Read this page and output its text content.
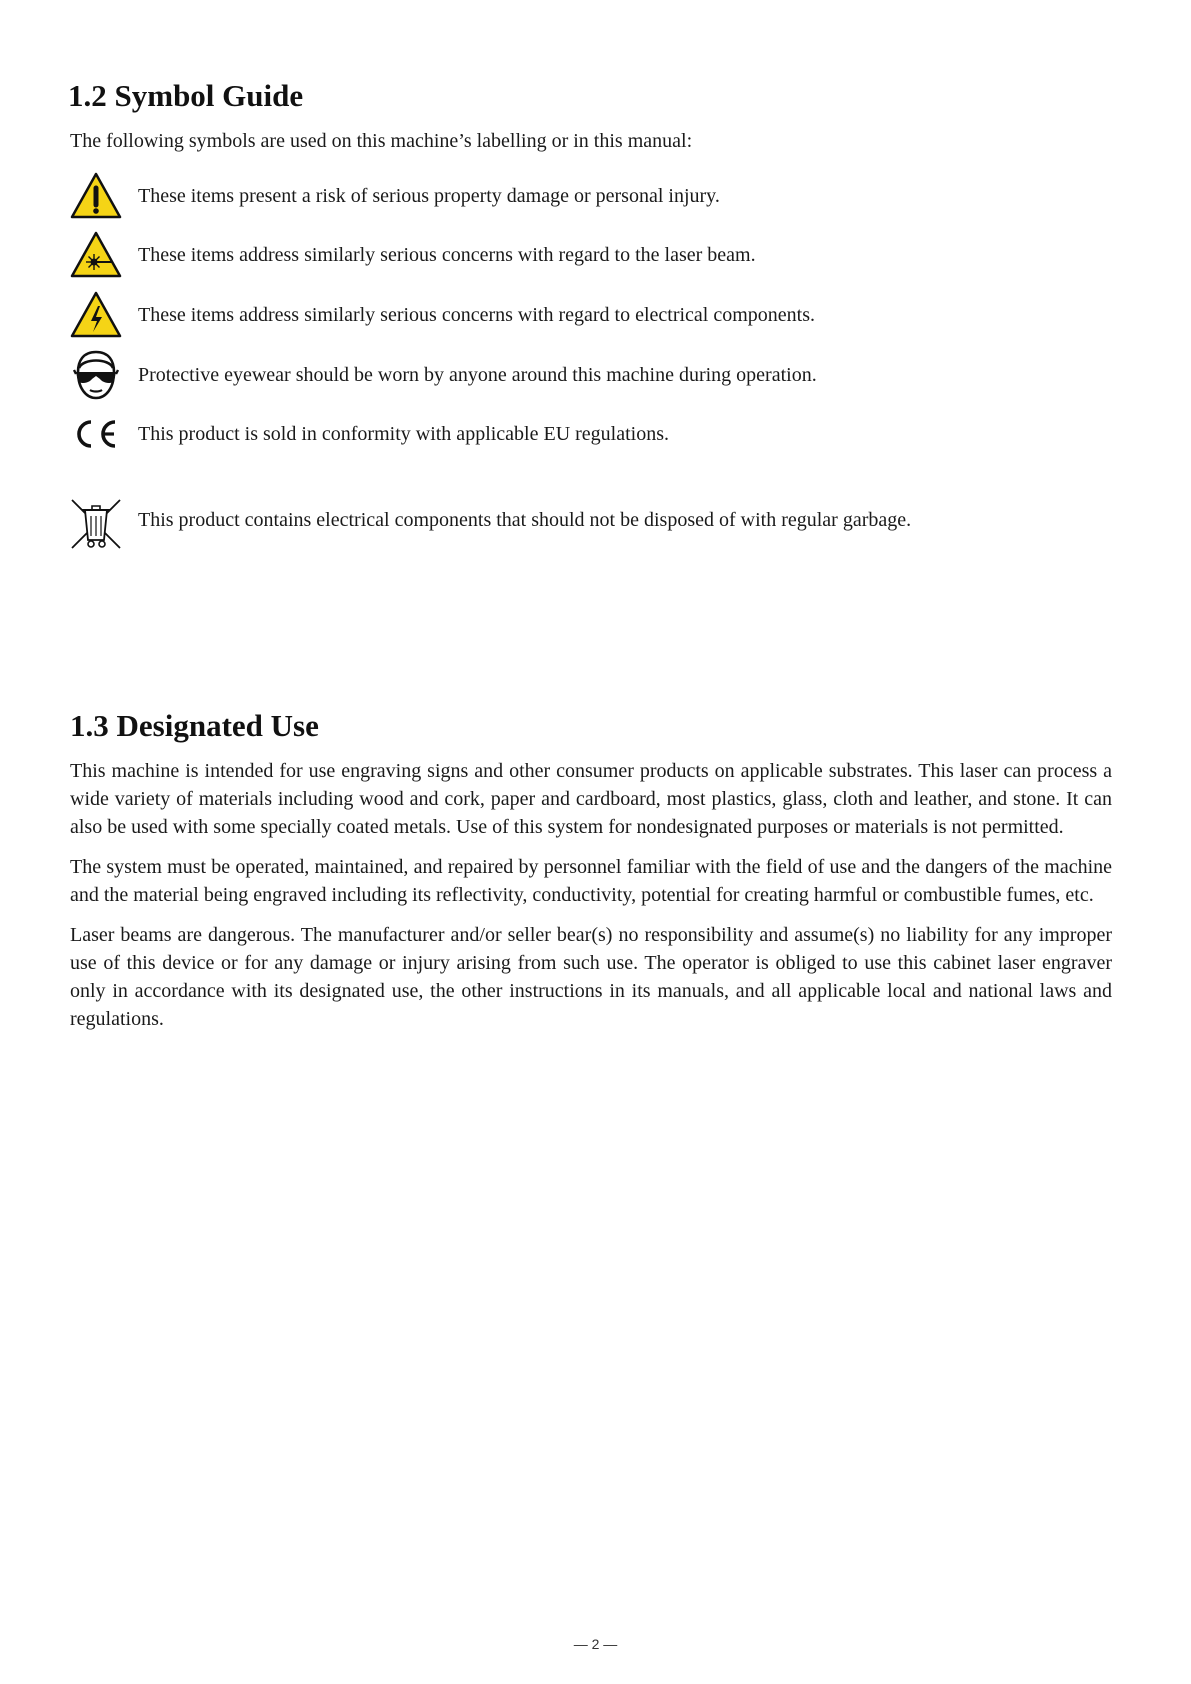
1.2 Symbol Guide

The following symbols are used on this machine’s labelling or in this manual:

These items present a risk of serious property damage or personal injury.
These items address similarly serious concerns with regard to the laser beam.
These items address similarly serious concerns with regard to electrical components.
Protective eyewear should be worn by anyone around this machine during operation.
This product is sold in conformity with applicable EU regulations.
This product contains electrical components that should not be disposed of with regular garbage.
1.3 Designated Use

This machine is intended for use engraving signs and other consumer products on applicable substrates. This laser can process a wide variety of materials including wood and cork, paper and cardboard, most plastics, glass, cloth and leather, and stone. It can also be used with some specially coated metals. Use of this system for nondesignated purposes or materials is not permitted.

The system must be operated, maintained, and repaired by personnel familiar with the field of use and the dangers of the machine and the material being engraved including its reflectivity, conductivity, potential for creating harmful or combustible fumes, etc.

Laser beams are dangerous. The manufacturer and/or seller bear(s) no responsibility and assume(s) no liability for any improper use of this device or for any damage or injury arising from such use. The operator is obliged to use this cabinet laser engraver only in accordance with its designated use, the other instructions in its manuals, and all applicable local and national laws and regulations.

— 2 —
